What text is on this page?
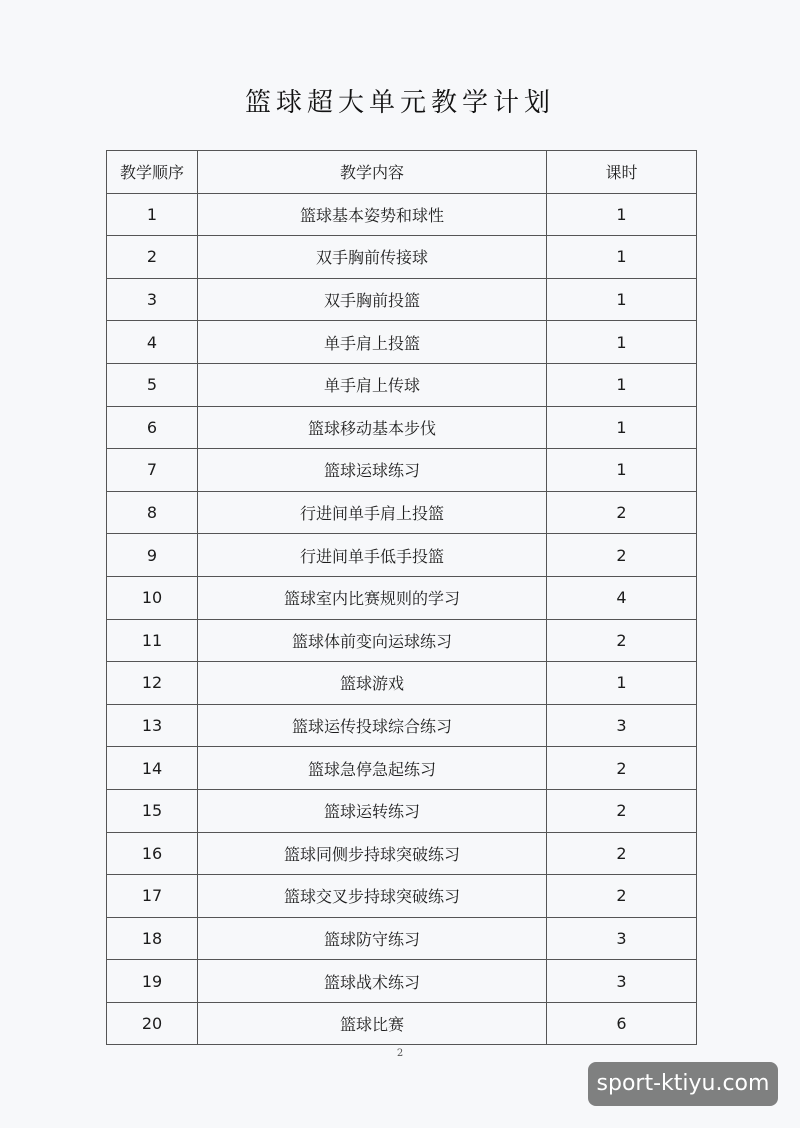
篮球超大单元教学计划
教学顺序	教学内容	课时
1	篮球基本姿势和球性	1
2	双手胸前传接球	1
3	双手胸前投篮	1
4	单手肩上投篮	1
5	单手肩上传球	1
6	篮球移动基本步伐	1
7	篮球运球练习	1
8	行进间单手肩上投篮	2
9	行进间单手低手投篮	2
10	篮球室内比赛规则的学习	4
11	篮球体前变向运球练习	2
12	篮球游戏	1
13	篮球运传投球综合练习	3
14	篮球急停急起练习	2
15	篮球运转练习	2
16	篮球同侧步持球突破练习	2
17	篮球交叉步持球突破练习	2
18	篮球防守练习	3
19	篮球战术练习	3
20	篮球比赛	6
2
sport-ktiyu.com
